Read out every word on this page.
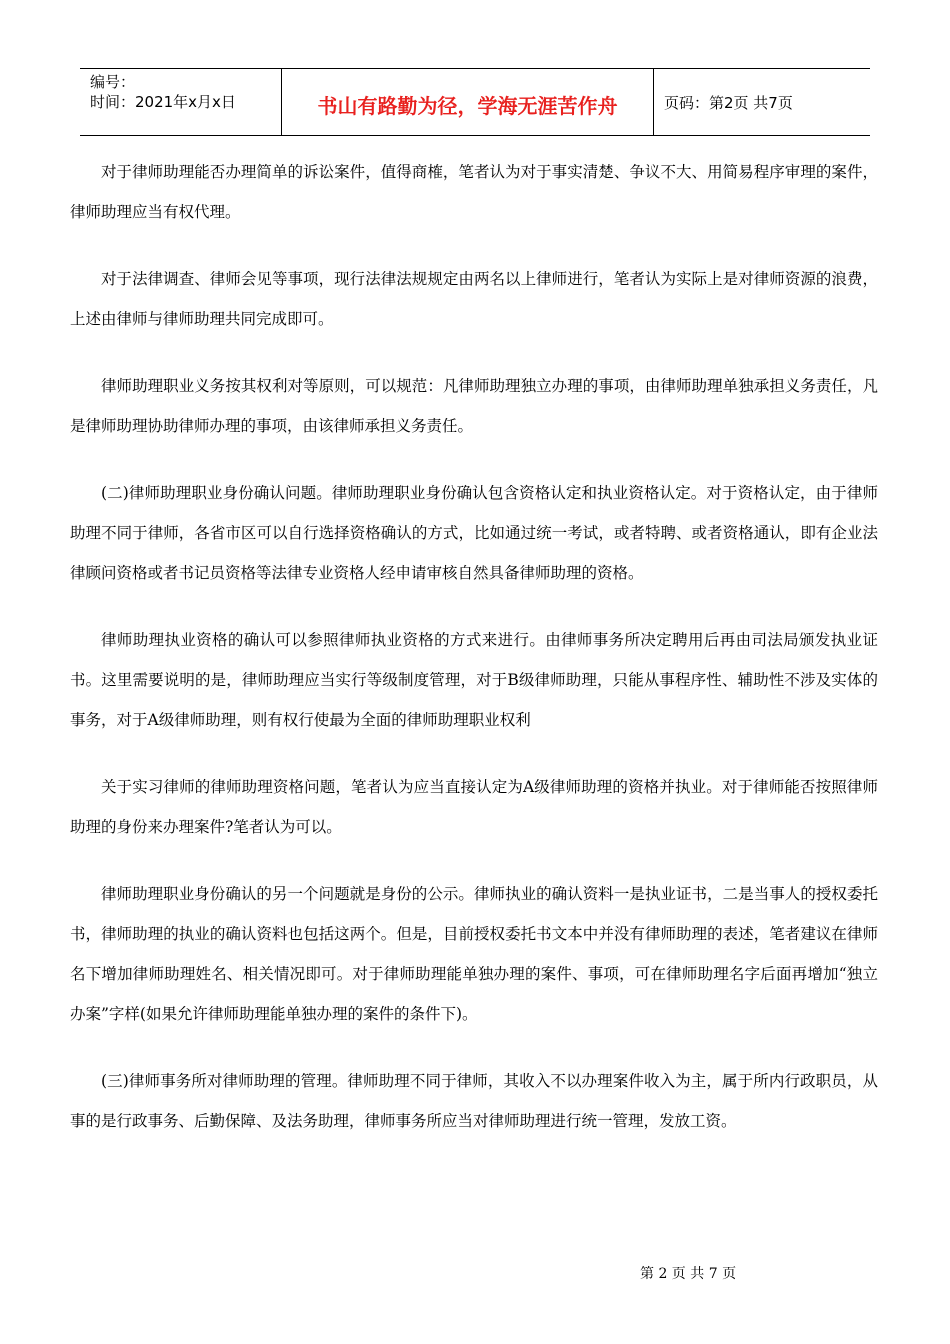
编号：
时间：2021年x月x日	书山有路勤为径，学海无涯苦作舟	页码：第2页 共7页

对于律师助理能否办理简单的诉讼案件，值得商榷，笔者认为对于事实清楚、争议不大、用简易程序审理的案件，律师助理应当有权代理。

对于法律调查、律师会见等事项，现行法律法规规定由两名以上律师进行，笔者认为实际上是对律师资源的浪费，上述由律师与律师助理共同完成即可。

律师助理职业义务按其权利对等原则，可以规范：凡律师助理独立办理的事项，由律师助理单独承担义务责任，凡是律师助理协助律师办理的事项，由该律师承担义务责任。

(二)律师助理职业身份确认问题。律师助理职业身份确认包含资格认定和执业资格认定。对于资格认定，由于律师助理不同于律师，各省市区可以自行选择资格确认的方式，比如通过统一考试，或者特聘、或者资格通认，即有企业法律顾问资格或者书记员资格等法律专业资格人经申请审核自然具备律师助理的资格。

律师助理执业资格的确认可以参照律师执业资格的方式来进行。由律师事务所决定聘用后再由司法局颁发执业证书。这里需要说明的是，律师助理应当实行等级制度管理，对于B级律师助理，只能从事程序性、辅助性不涉及实体的事务，对于A级律师助理，则有权行使最为全面的律师助理职业权利

关于实习律师的律师助理资格问题，笔者认为应当直接认定为A级律师助理的资格并执业。对于律师能否按照律师助理的身份来办理案件?笔者认为可以。

律师助理职业身份确认的另一个问题就是身份的公示。律师执业的确认资料一是执业证书，二是当事人的授权委托书，律师助理的执业的确认资料也包括这两个。但是，目前授权委托书文本中并没有律师助理的表述，笔者建议在律师名下增加律师助理姓名、相关情况即可。对于律师助理能单独办理的案件、事项，可在律师助理名字后面再增加“独立办案”字样(如果允许律师助理能单独办理的案件的条件下)。

(三)律师事务所对律师助理的管理。律师助理不同于律师，其收入不以办理案件收入为主，属于所内行政职员，从事的是行政事务、后勤保障、及法务助理，律师事务所应当对律师助理进行统一管理，发放工资。

第 2 页 共 7 页
